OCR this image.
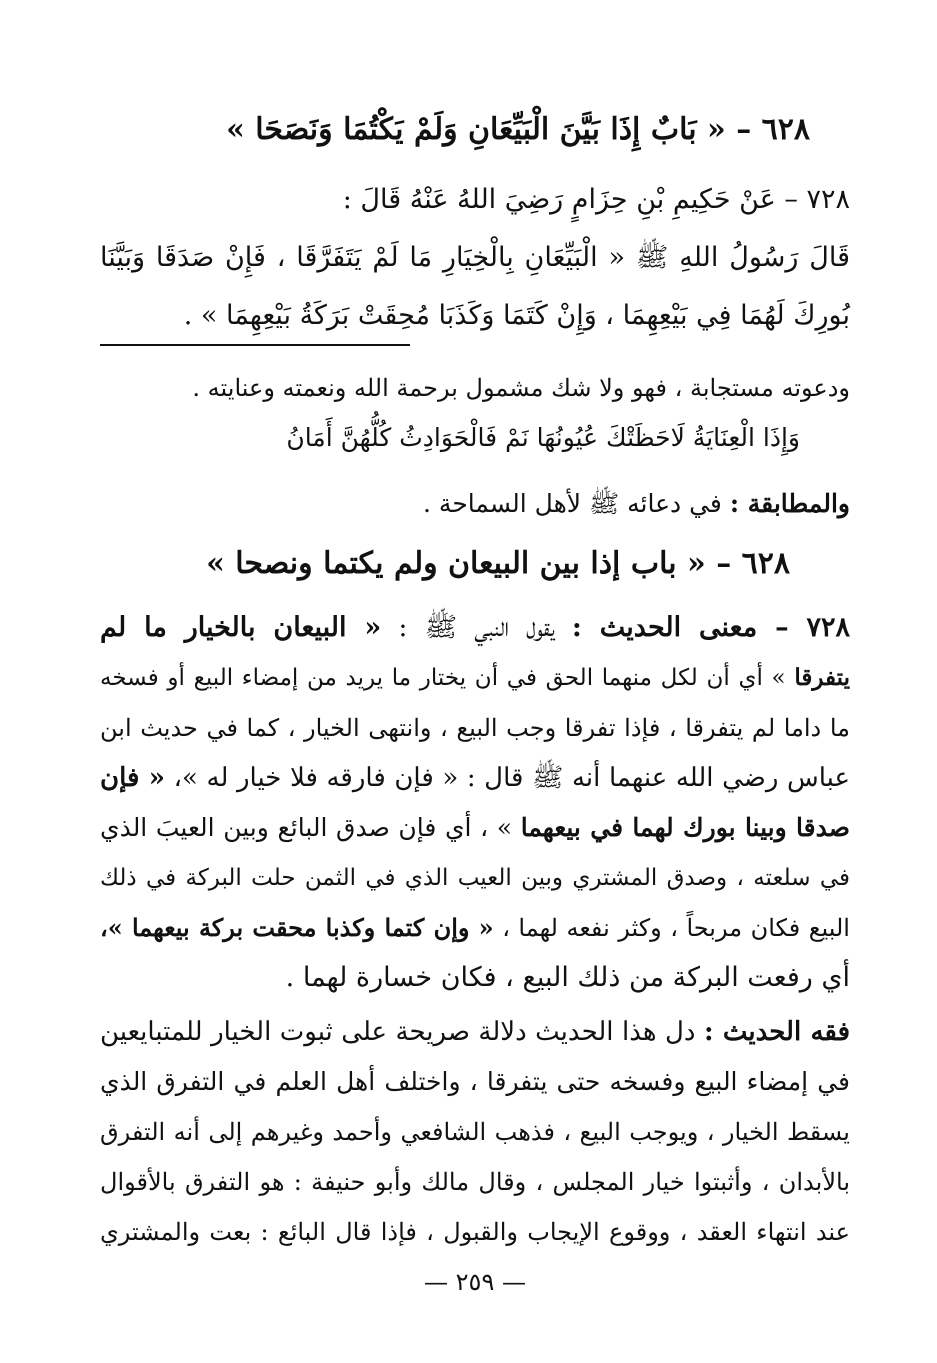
٦٢٨ – « بَابٌ إِذَا بَيَّنَ الْبَيِّعَانِ وَلَمْ يَكْتُمَا وَنَصَحَا »
٧٢٨ – عَنْ حَكِيمِ بْنِ حِزَامٍ رَضِيَ اللهُ عَنْهُ قَالَ :
قَالَ رَسُولُ اللهِ ﷺ « الْبَيِّعَانِ بِالْخِيَارِ مَا لَمْ يَتَفَرَّقَا ، فَإِنْ صَدَقَا وَبَيَّنَا
بُورِكَ لَهُمَا فِي بَيْعِهِمَا ، وَإِنْ كَتَمَا وَكَذَبَا مُحِقَتْ بَرَكَةُ بَيْعِهِمَا » .
ودعوته مستجابة ، فهو ولا شك مشمول برحمة الله ونعمته وعنايته .
وَإِذَا الْعِنَايَةُ لَاحَظَتْكَ عُيُونُهَا نَمْ فَالْحَوَادِثُ كُلُّهُنَّ أَمَانُ
والمطابقة : في دعائه ﷺ لأهل السماحة .
٦٢٨ – « باب إذا بين البيعان ولم يكتما ونصحا »
٧٢٨ – معنى الحديث : يقول النبي ﷺ : « البيعان بالخيار ما لم
يتفرقا » أي أن لكل منهما الحق في أن يختار ما يريد من إمضاء البيع أو فسخه
ما داما لم يتفرقا ، فإذا تفرقا وجب البيع ، وانتهى الخيار ، كما في حديث ابن
عباس رضي الله عنهما أنه ﷺ قال : « فإن فارقه فلا خيار له »، « فإن
صدقا وبينا بورك لهما في بيعهما » ، أي فإن صدق البائع وبين العيبَ الذي
في سلعته ، وصدق المشتري وبين العيب الذي في الثمن حلت البركة في ذلك
البيع فكان مربحاً ، وكثر نفعه لهما ، « وإن كتما وكذبا محقت بركة بيعهما »،
أي رفعت البركة من ذلك البيع ، فكان خسارة لهما .
فقه الحديث : دل هذا الحديث دلالة صريحة على ثبوت الخيار للمتبايعين
في إمضاء البيع وفسخه حتى يتفرقا ، واختلف أهل العلم في التفرق الذي
يسقط الخيار ، ويوجب البيع ، فذهب الشافعي وأحمد وغيرهم إلى أنه التفرق
بالأبدان ، وأثبتوا خيار المجلس ، وقال مالك وأبو حنيفة : هو التفرق بالأقوال
عند انتهاء العقد ، ووقوع الإيجاب والقبول ، فإذا قال البائع : بعت والمشتري
— ٢٥٩ —
